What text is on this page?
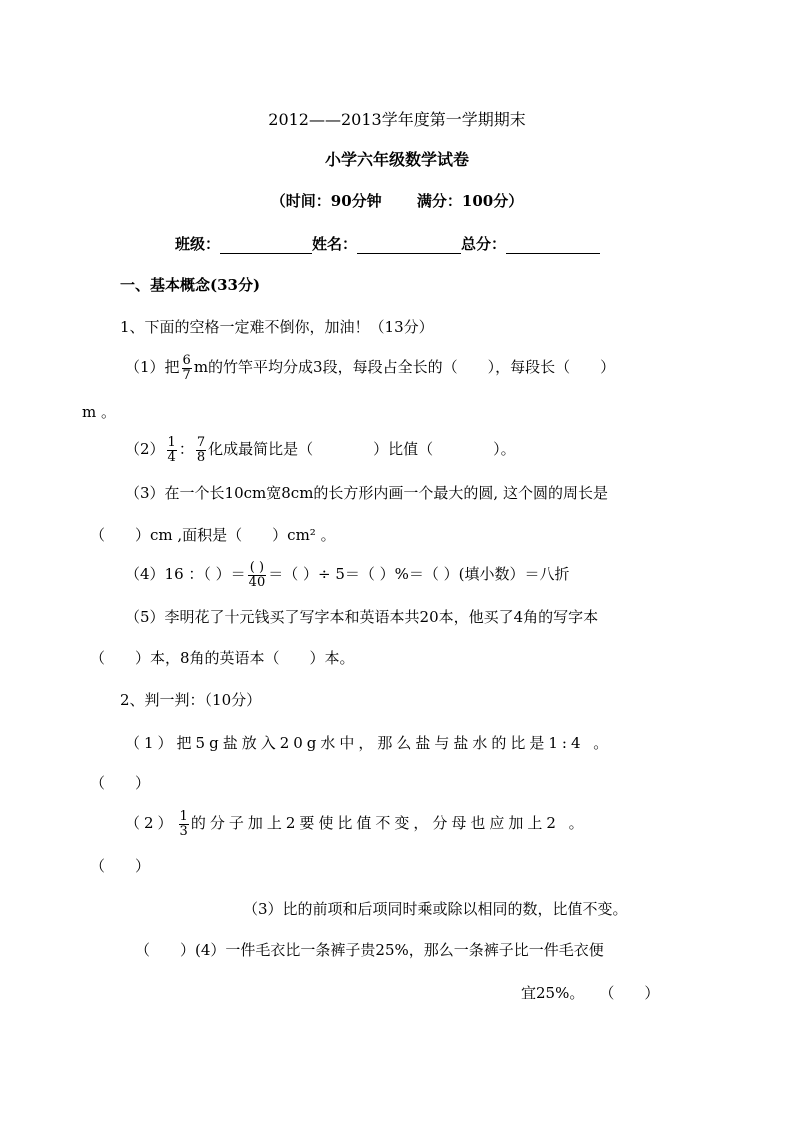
2012——2013学年度第一学期期末
小学六年级数学试卷
（时间：90分钟　　 满分：100分）
班级：	姓名：	总分：
一、基本概念(33分)
1、下面的空格一定难不倒你，加油！（13分）
（1）把 $\frac{6}{7}$ m的竹竿平均分成3段，每段占全长的（　　），每段长（　　）
m 。
$(2) \frac{1}{4}$ ： $\frac{7}{8}$ 化成最简比是（　　　　）比值（　　　　）。
（3）在一个长10cm宽8cm的长方形内画一个最大的圆, 这个圆的周长是
（　　）cm ,面积是（　　）cm² 。
（4）16 ：（ ）＝ $\frac{( )}{40}$ ＝（ ）÷ 5＝（ ）%＝（ ）(填小数）＝八折
（5）李明花了十元钱买了写字本和英语本共20本，他买了4角的写字本
（　　）本，8角的英语本（　　）本。
2、判一判：（10分）
（1）把5g盐放入20g水中，那么盐与盐水的比是1:4 。
（　　）
$(2) \frac{1}{3}$ 的分子加上2要使比值不变，分母也应加上2 。
（　　）
（3）比的前项和后项同时乘或除以相同的数，比值不变。
（　　）(4）一件毛衣比一条裤子贵25%，那么一条裤子比一件毛衣便
宜25%。　　（　　）
